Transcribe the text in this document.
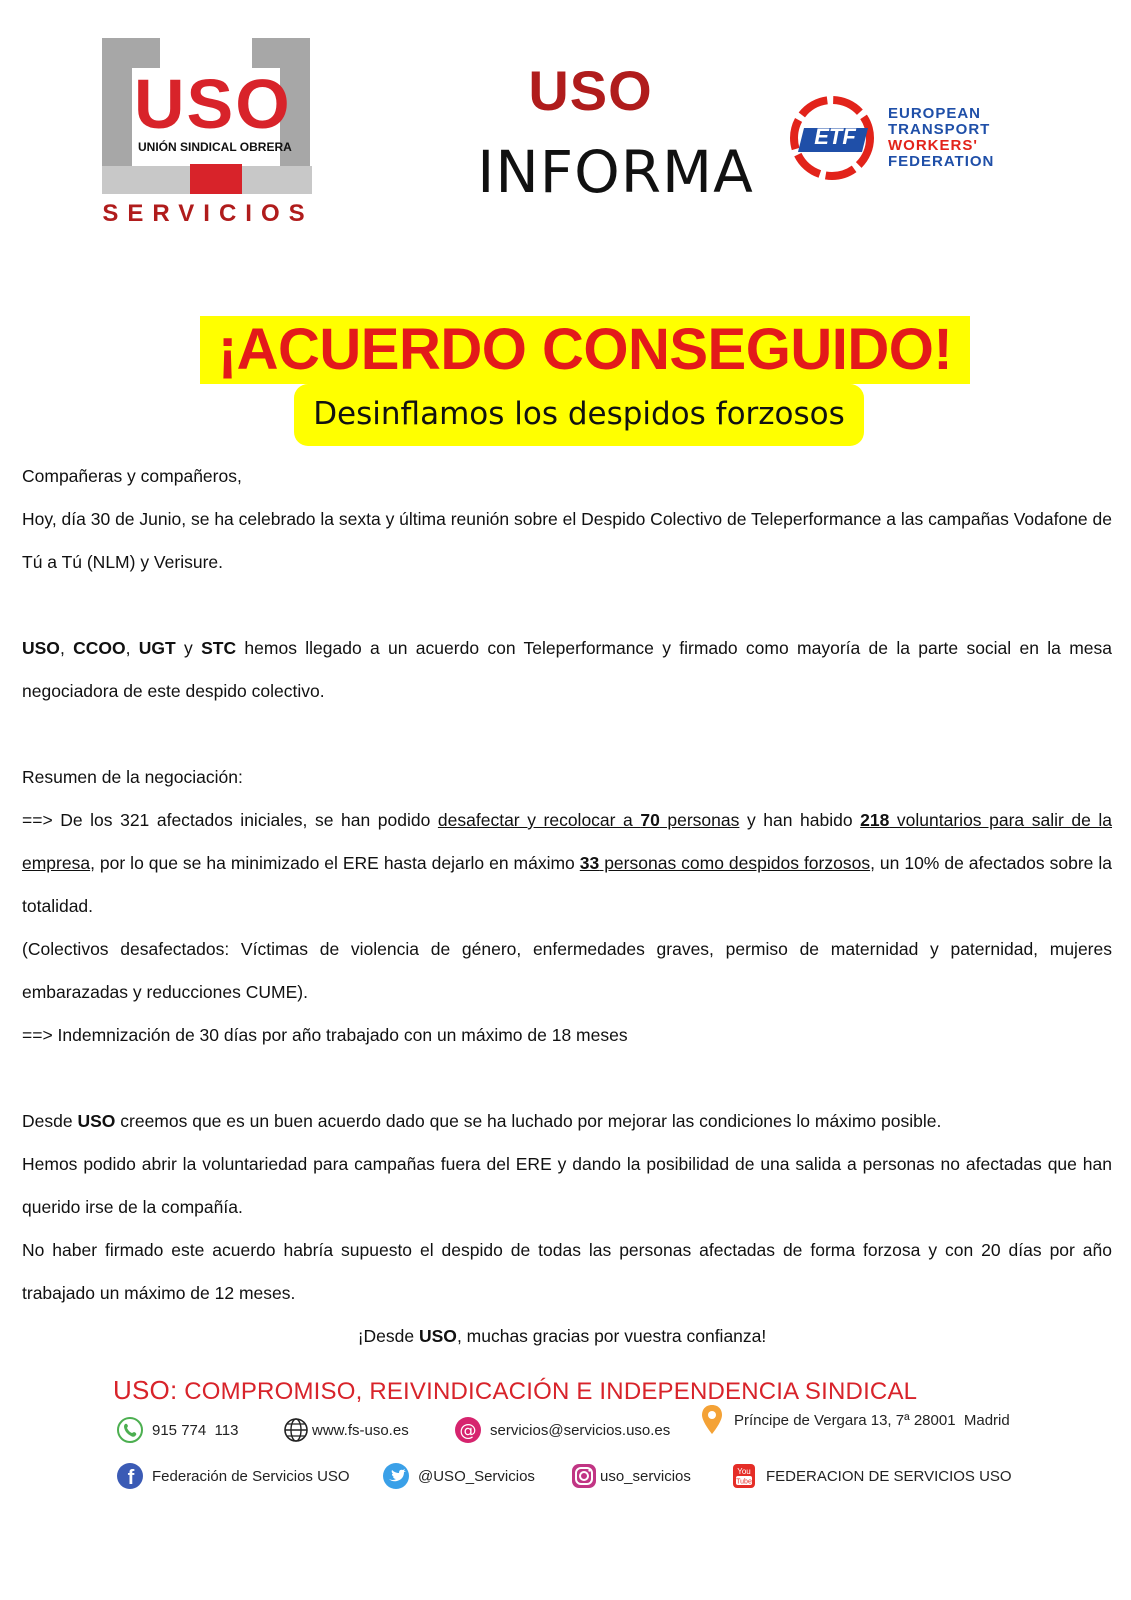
USO
UNIÓN SINDICAL OBRERA
SERVICIOS
USO
INFORMA
ETF
EUROPEAN
TRANSPORT
WORKERS'
FEDERATION
¡ACUERDO CONSEGUIDO!
Desinflamos los despidos forzosos

Compañeras y compañeros,

Hoy, día 30 de Junio, se ha celebrado la sexta y última reunión sobre el Despido Colectivo de Teleperformance a las campañas Vodafone de Tú a Tú (NLM) y Verisure.

USO, CCOO, UGT y STC hemos llegado a un acuerdo con Teleperformance y firmado como mayoría de la parte social en la mesa negociadora de este despido colectivo.

Resumen de la negociación:

==> De los 321 afectados iniciales, se han podido desafectar y recolocar a 70 personas y han habido 218 voluntarios para salir de la empresa, por lo que se ha minimizado el ERE hasta dejarlo en máximo 33 personas como despidos forzosos, un 10% de afectados sobre la totalidad.

(Colectivos desafectados: Víctimas de violencia de género, enfermedades graves, permiso de maternidad y paternidad, mujeres embarazadas y reducciones CUME).

==> Indemnización de 30 días por año trabajado con un máximo de 18 meses

Desde USO creemos que es un buen acuerdo dado que se ha luchado por mejorar las condiciones lo máximo posible.

Hemos podido abrir la voluntariedad para campañas fuera del ERE y dando la posibilidad de una salida a personas no afectadas que han querido irse de la compañía.

No haber firmado este acuerdo habría supuesto el despido de todas las personas afectadas de forma forzosa y con 20 días por año trabajado un máximo de 12 meses.

¡Desde USO, muchas gracias por vuestra confianza!

USO: COMPROMISO, REIVINDICACIÓN E INDEPENDENCIA SINDICAL
915 774  113	www.fs-uso.es	@ servicios@servicios.uso.es
Príncipe de Vergara 13, 7ª 28001  Madrid
f Federación de Servicios USO	@USO_Servicios	uso_servicios	You
Tube FEDERACION DE SERVICIOS USO
